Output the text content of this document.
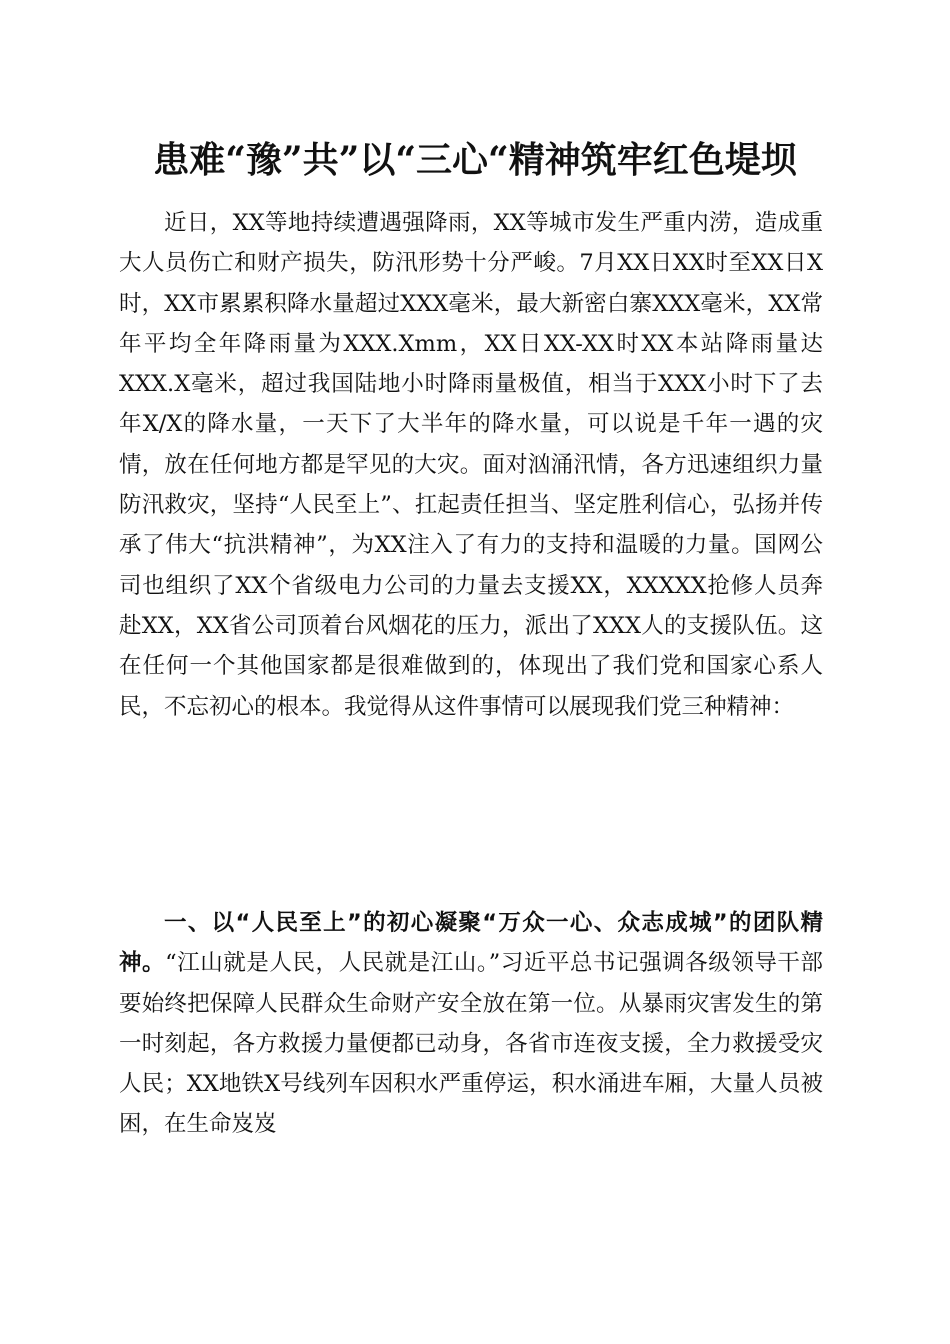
患难“豫”共”以“三心“精神筑牢红色堤坝

近日，XX等地持续遭遇强降雨，XX等城市发生严重内涝，造成重大人员伤亡和财产损失，防汛形势十分严峻。7月XX日XX时至XX日X时，XX市累累积降水量超过XXX毫米，最大新密白寨XXX毫米，XX常年平均全年降雨量为XXX.Xmm，XX日XX-XX时XX本站降雨量达XXX.X毫米，超过我国陆地小时降雨量极值，相当于XXX小时下了去年X/X的降水量，一天下了大半年的降水量，可以说是千年一遇的灾情，放在任何地方都是罕见的大灾。面对汹涌汛情，各方迅速组织力量防汛救灾，坚持“人民至上”、扛起责任担当、坚定胜利信心，弘扬并传承了伟大“抗洪精神”，为XX注入了有力的支持和温暖的力量。国网公司也组织了XX个省级电力公司的力量去支援XX，XXXXX抢修人员奔赴XX，XX省公司顶着台风烟花的压力，派出了XXX人的支援队伍。这在任何一个其他国家都是很难做到的，体现出了我们党和国家心系人民，不忘初心的根本。我觉得从这件事情可以展现我们党三种精神：

一、以“人民至上”的初心凝聚“万众一心、众志成城”的团队精神。“江山就是人民，人民就是江山。”习近平总书记强调各级领导干部要始终把保障人民群众生命财产安全放在第一位。从暴雨灾害发生的第一时刻起，各方救援力量便都已动身，各省市连夜支援，全力救援受灾人民；XX地铁X号线列车因积水严重停运，积水涌进车厢，大量人员被困，在生命岌岌
